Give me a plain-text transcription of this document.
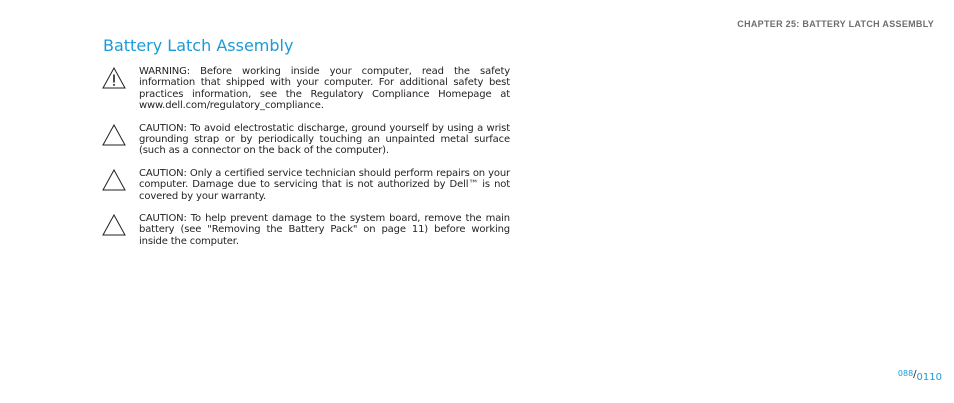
CHAPTER 25: BATTERY LATCH ASSEMBLY
Battery Latch Assembly

WARNING: Before working inside your computer, read the safety information that shipped with your computer. For additional safety best practices information, see the Regulatory Compliance Homepage at www.dell.com/regulatory_compliance.

CAUTION: To avoid electrostatic discharge, ground yourself by using a wrist grounding strap or by periodically touching an unpainted metal surface (such as a connector on the back of the computer).

CAUTION: Only a certified service technician should perform repairs on your computer. Damage due to servicing that is not authorized by Dell™ is not covered by your warranty.

CAUTION: To help prevent damage to the system board, remove the main battery (see "Removing the Battery Pack" on page 11) before working inside the computer.

$^{088}$/0110
